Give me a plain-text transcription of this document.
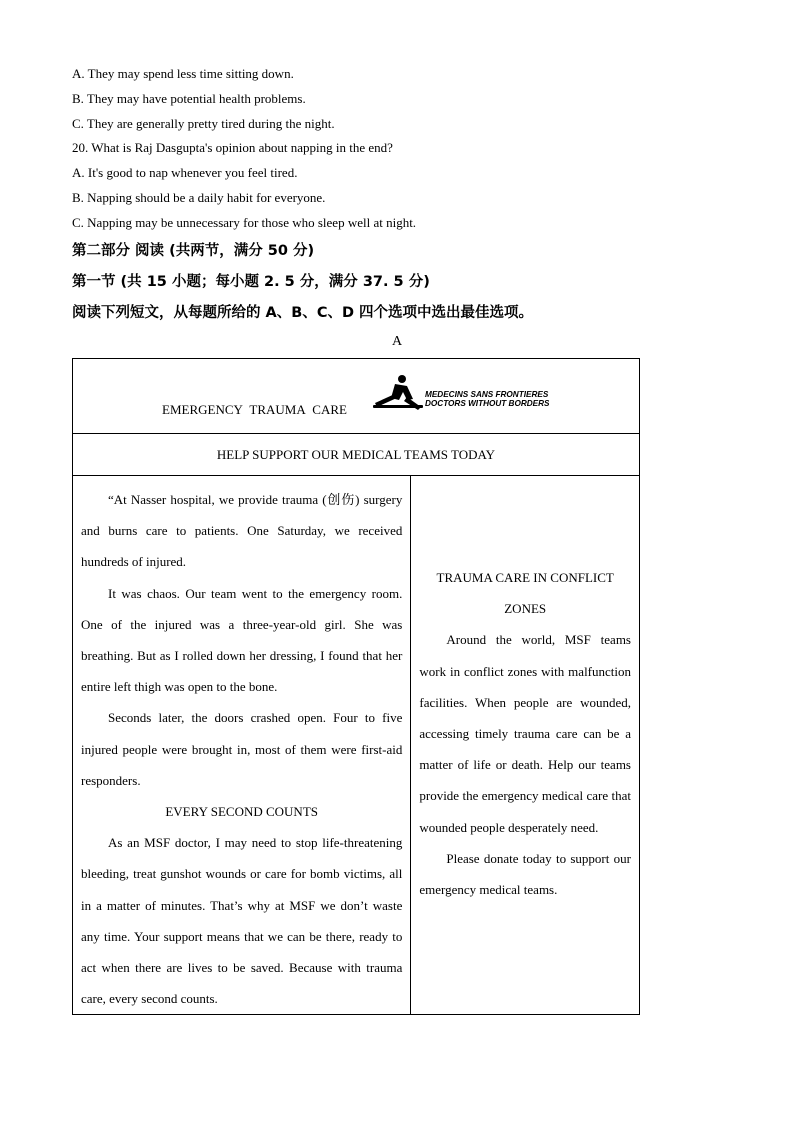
A. They may spend less time sitting down.
B. They may have potential health problems.
C. They are generally pretty tired during the night.
20. What is Raj Dasgupta's opinion about napping in the end?
A. It's good to nap whenever you feel tired.
B. Napping should be a daily habit for everyone.
C. Napping may be unnecessary for those who sleep well at night.
第二部分 阅读 (共两节，满分 50 分)
第一节 (共 15 小题；每小题 2. 5 分，满分 37. 5 分)
阅读下列短文，从每题所给的 A、B、C、D 四个选项中选出最佳选项。
A
EMERGENCY TRAUMA CARE
MEDECINS SANS FRONTIERES
DOCTORS WITHOUT BORDERS

HELP SUPPORT OUR MEDICAL TEAMS TODAY

“At Nasser hospital, we provide trauma (创伤) surgery and burns care to patients. One Saturday, we received hundreds of injured.

It was chaos. Our team went to the emergency room. One of the injured was a three-year-old girl. She was breathing. But as I rolled down her dressing, I found that her entire left thigh was open to the bone.

Seconds later, the doors crashed open. Four to five injured people were brought in, most of them were first-aid responders.

EVERY SECOND COUNTS

As an MSF doctor, I may need to stop life-threatening bleeding, treat gunshot wounds or care for bomb victims, all in a matter of minutes. That’s why at MSF we don’t waste any time. Your support means that we can be there, ready to act when there are lives to be saved. Because with trauma care, every second counts.

TRAUMA CARE IN CONFLICT ZONES

Around the world, MSF teams work in conflict zones with malfunction facilities. When people are wounded, accessing timely trauma care can be a matter of life or death. Help our teams provide the emergency medical care that wounded people desperately need.

Please donate today to support our emergency medical teams.
